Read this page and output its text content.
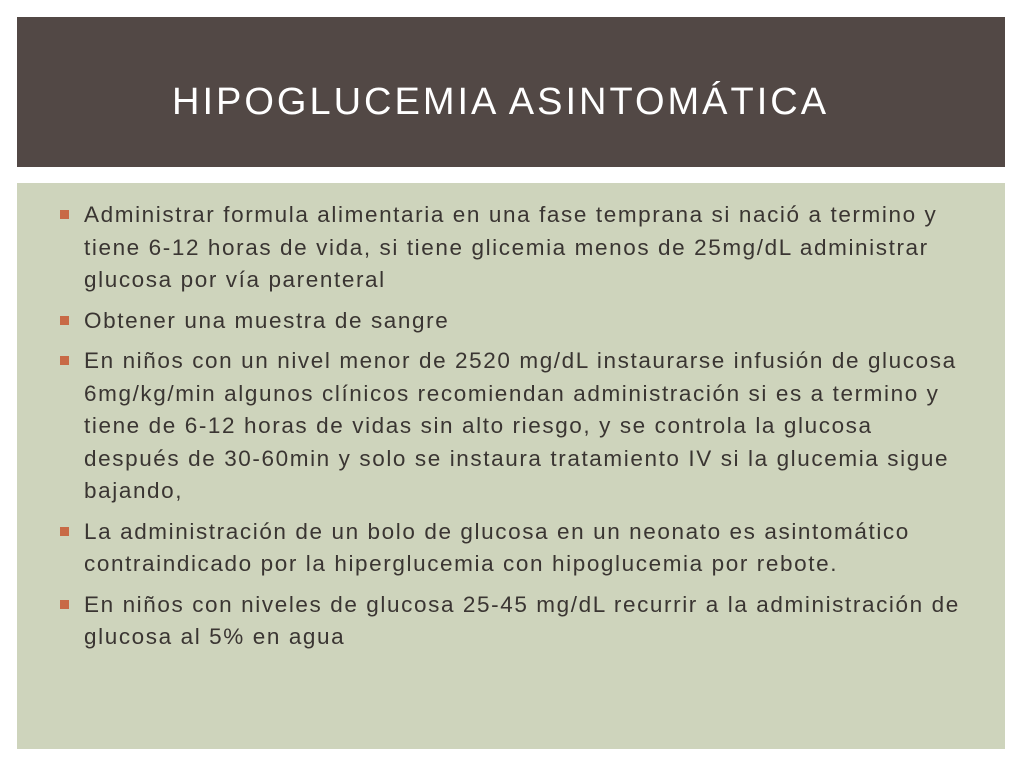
HIPOGLUCEMIA ASINTOMÁTICA
Administrar formula alimentaria en una fase temprana si nació a termino y tiene 6-12 horas de vida, si tiene glicemia menos de 25mg/dL administrar glucosa por vía parenteral
Obtener una muestra de sangre
En niños con un nivel menor de 2520 mg/dL instaurarse infusión de glucosa 6mg/kg/min algunos clínicos recomiendan administración si es a termino y tiene de 6-12 horas de vidas sin alto riesgo, y se controla la glucosa después de 30-60min y solo se instaura tratamiento IV si la glucemia sigue bajando,
La administración de un bolo de glucosa en un neonato es asintomático contraindicado por la hiperglucemia con hipoglucemia por rebote.
En niños con niveles de glucosa 25-45 mg/dL recurrir a la administración de glucosa al 5% en agua
